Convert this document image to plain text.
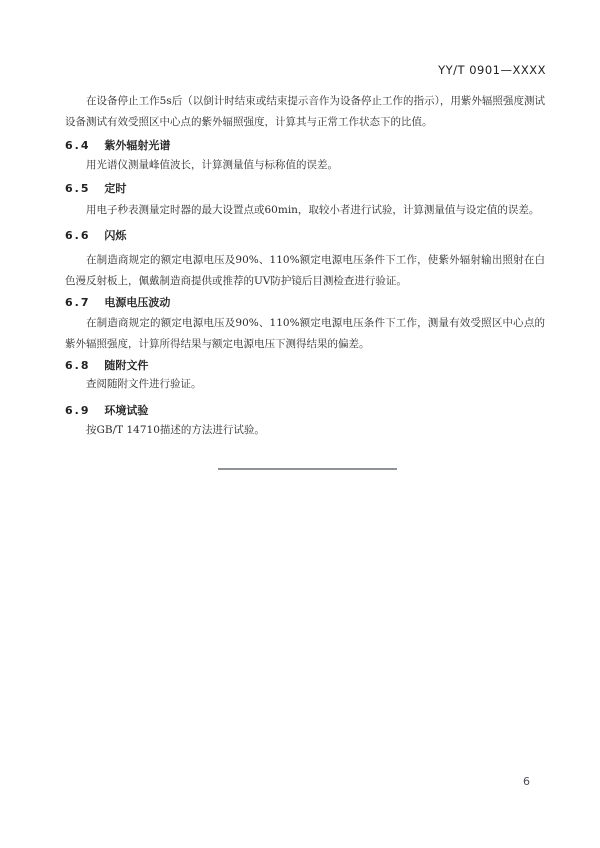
YY/T 0901—XXXX

在设备停止工作5s后（以倒计时结束或结束提示音作为设备停止工作的指示），用紫外辐照强度测试设备测试有效受照区中心点的紫外辐照强度，计算其与正常工作状态下的比值。

6.4 紫外辐射光谱

用光谱仪测量峰值波长，计算测量值与标称值的误差。

6.5 定时

用电子秒表测量定时器的最大设置点或60min，取较小者进行试验，计算测量值与设定值的误差。

6.6 闪烁

在制造商规定的额定电源电压及90%、110%额定电源电压条件下工作，使紫外辐射输出照射在白色漫反射板上，佩戴制造商提供或推荐的UV防护镜后目测检查进行验证。

6.7 电源电压波动

在制造商规定的额定电源电压及90%、110%额定电源电压条件下工作，测量有效受照区中心点的紫外辐照强度，计算所得结果与额定电源电压下测得结果的偏差。

6.8 随附文件

查阅随附文件进行验证。

6.9 环境试验

按GB/T 14710描述的方法进行试验。

6
